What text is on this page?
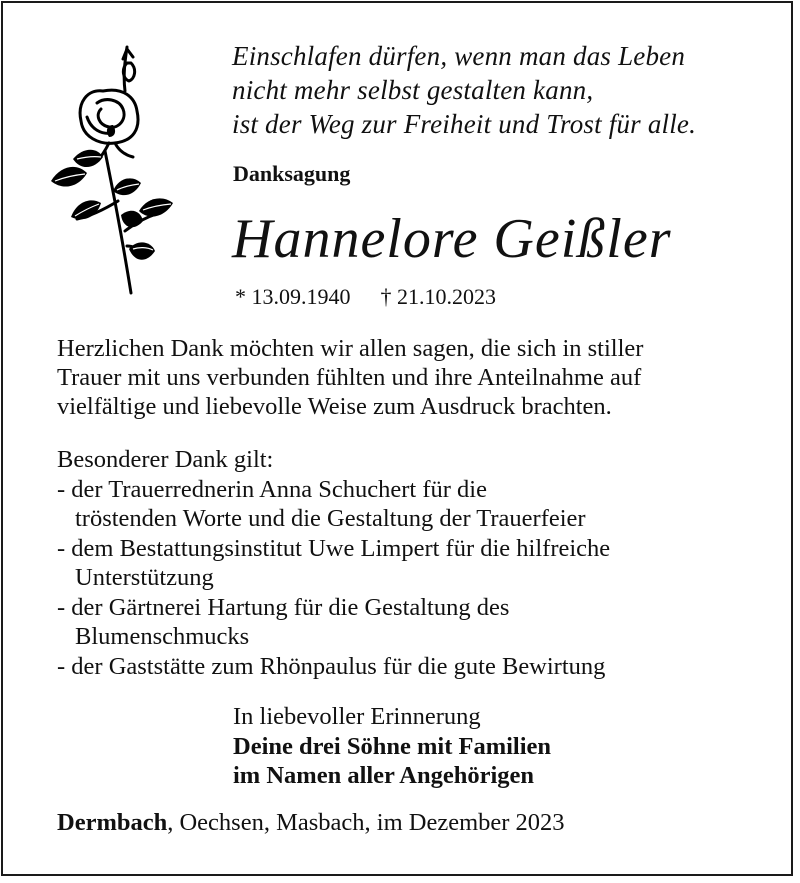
Einschlafen dürfen, wenn man das Leben
nicht mehr selbst gestalten kann,
ist der Weg zur Freiheit und Trost für alle.
Danksagung
Hannelore Geißler
* 13.09.1940 † 21.10.2023
Herzlichen Dank möchten wir allen sagen, die sich in stiller
Trauer mit uns verbunden fühlten und ihre Anteilnahme auf
vielfältige und liebevolle Weise zum Ausdruck brachten.
Besonderer Dank gilt:
- der Trauerrednerin Anna Schuchert für die
tröstenden Worte und die Gestaltung der Trauerfeier
- dem Bestattungsinstitut Uwe Limpert für die hilfreiche
Unterstützung
- der Gärtnerei Hartung für die Gestaltung des
Blumenschmucks
- der Gaststätte zum Rhönpaulus für die gute Bewirtung
In liebevoller Erinnerung
Deine drei Söhne mit Familien
im Namen aller Angehörigen
Dermbach, Oechsen, Masbach, im Dezember 2023
